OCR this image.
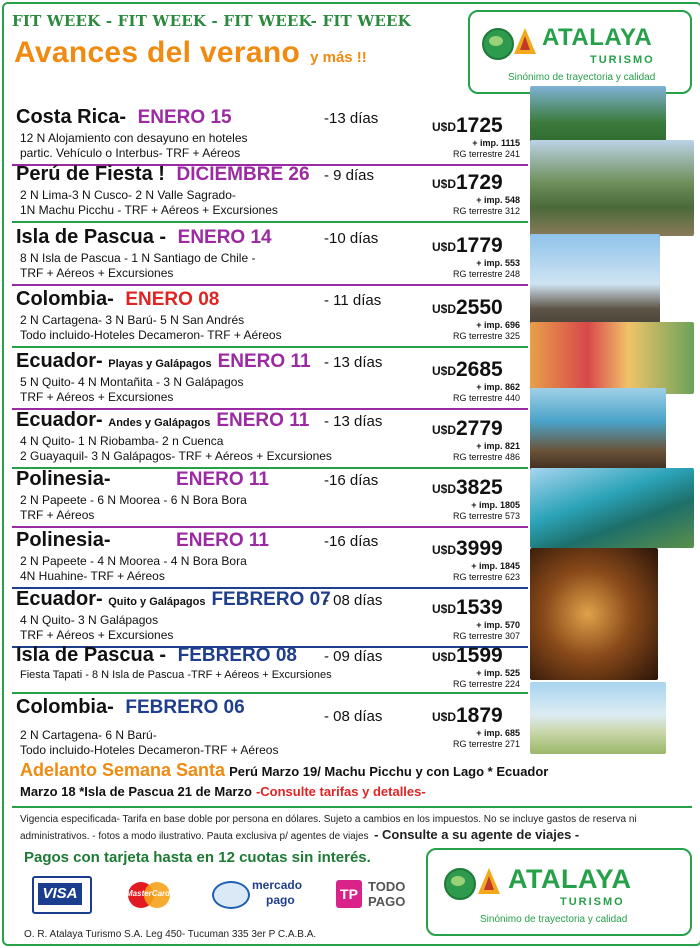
FIT WEEK - FIT WEEK - FIT WEEK- FIT WEEK
Avances del verano y más !!
ATALAYA
TURISMO
Sinónimo de trayectoria y calidad
Costa Rica- ENERO 15	-13 días
12 N Alojamiento con desayuno en hoteles
partic. Vehículo o Interbus- TRF + Aéreos
U$D 1725
+ imp. 1115
RG terrestre 241
Perú de Fiesta ! DICIEMBRE 26 - 9 días
2 N Lima-3 N Cusco- 2 N Valle Sagrado-
1N Machu Picchu - TRF + Aéreos + Excursiones
U$D 1729
+ imp. 548
RG terrestre 312
Isla de Pascua - ENERO 14	-10 días
8 N Isla de Pascua - 1 N Santiago de Chile -
TRF + Aéreos + Excursiones
U$D 1779
+ imp. 553
RG terrestre 248
Colombia- ENERO 08	- 11 días
2 N Cartagena- 3 N Barú- 5 N San Andrés
Todo incluido-Hoteles Decameron- TRF + Aéreos
U$D 2550
+ imp. 696
RG terrestre 325
Ecuador- Playas y Galápagos ENERO 11 - 13 días
5 N Quito- 4 N Montañita - 3 N Galápagos
TRF + Aéreos + Excursiones
U$D 2685
+ imp. 862
RG terrestre 440
Ecuador- Andes y Galápagos ENERO 11 - 13 días
4 N Quito- 1 N Riobamba- 2 n Cuenca
2 Guayaquil- 3 N Galápagos- TRF + Aéreos + Excursiones
U$D 2779
+ imp. 821
RG terrestre 486
Polinesia-	ENERO 11	-16 días
2 N Papeete - 6 N Moorea - 6 N Bora Bora
TRF + Aéreos
U$D 3825
+ imp. 1805
RG terrestre 573
Polinesia-	ENERO 11	-16 días
2 N Papeete - 4 N Moorea - 4 N Bora Bora
4N Huahine- TRF + Aéreos
U$D 3999
+ imp. 1845
RG terrestre 623
Ecuador- Quito y Galápagos FEBRERO 07
- 08 días
4 N Quito- 3 N Galápagos
TRF + Aéreos + Excursiones
U$D 1539
+ imp. 570
RG terrestre 307
Isla de Pascua - FEBRERO 08 - 09 días
Fiesta Tapati - 8 N Isla de Pascua -TRF + Aéreos + Excursiones
U$D 1599
+ imp. 525
RG terrestre 224
Colombia- FEBRERO 06	- 08 días
2 N Cartagena- 6 N Barú-
Todo incluido-Hoteles Decameron-TRF + Aéreos
U$D 1879
+ imp. 685
RG terrestre 271
Adelanto Semana Santa Perú Marzo 19/ Machu Picchu y con Lago * Ecuador
Marzo 18 *Isla de Pascua 21 de Marzo -Consulte tarifas y detalles-
Vigencia especificada- Tarifa en base doble por persona en dólares. Sujeto a cambios en los impuestos. No se incluye gastos de reserva ni
administrativos. - fotos a modo ilustrativo. Pauta exclusiva p/ agentes de viajes - Consulte a su agente de viajes -
Pagos con tarjeta hasta en 12 cuotas sin interés.
VISA	MasterCard
mercado
pago	TP TODO
PAGO
ATALAYA
TURISMO
Sinónimo de trayectoria y calidad
O. R. Atalaya Turismo S.A. Leg 450- Tucuman 335 3er P C.A.B.A.
